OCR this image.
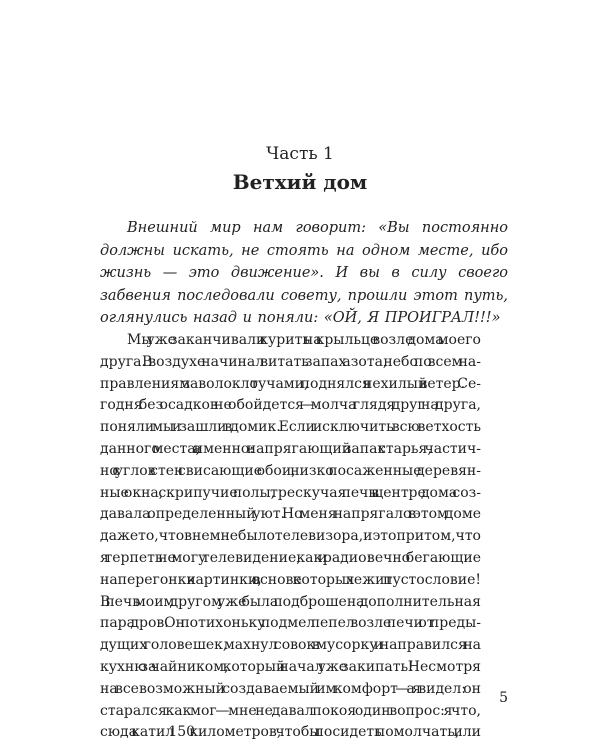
Часть 1
Ветхий дом

Внешний мир нам говорит: «Вы постоянно должны искать, не стоять на одном месте, ибо жизнь — это движение». И вы в силу своего забвения последовали совету, прошли этот путь, оглянулись назад и поняли: «ОЙ, Я ПРОИГРАЛ!!!»

Мы уже заканчивали курить на крыльце возле дома моего
друга. В воздухе начинал витать запах азота, небо по всем на-
правлениям заволокло тучами, поднялся нехилый ветер. Се-
годня без осадков не обойдется — молча глядя друг на друга,
поняли мы и зашли в домик. Если исключить всю ветхость
данного места, а именно: напрягающий запах старья, частич-
но с углов стен свисающие обои, низко посаженные деревян-
ные окна, скрипучие полы, трескучая печь в центре дома соз-
давала определенный уют. Но меня напрягало в этом доме
даже то, что в нем не было телевизора, и это при том, что
я терпеть не могу телевидение, как и радио: вечно бегающие
наперегонки картинки, в основе которых лежит пустословие!
В печь моим другом уже была подброшена дополнительная
пара дров. Он потихоньку подмел пепел возле печи от преды-
дущих головешек, махнул совок в мусорку и направился на
кухню за чайником, который начал уже закипать! Несмотря
на всевозможный создаваемый им комфорт — а я видел: он
старался как мог — мне не давал покоя один вопрос: я что,
сюда катил 150 километров, чтобы посидеть помолчать, или
5
